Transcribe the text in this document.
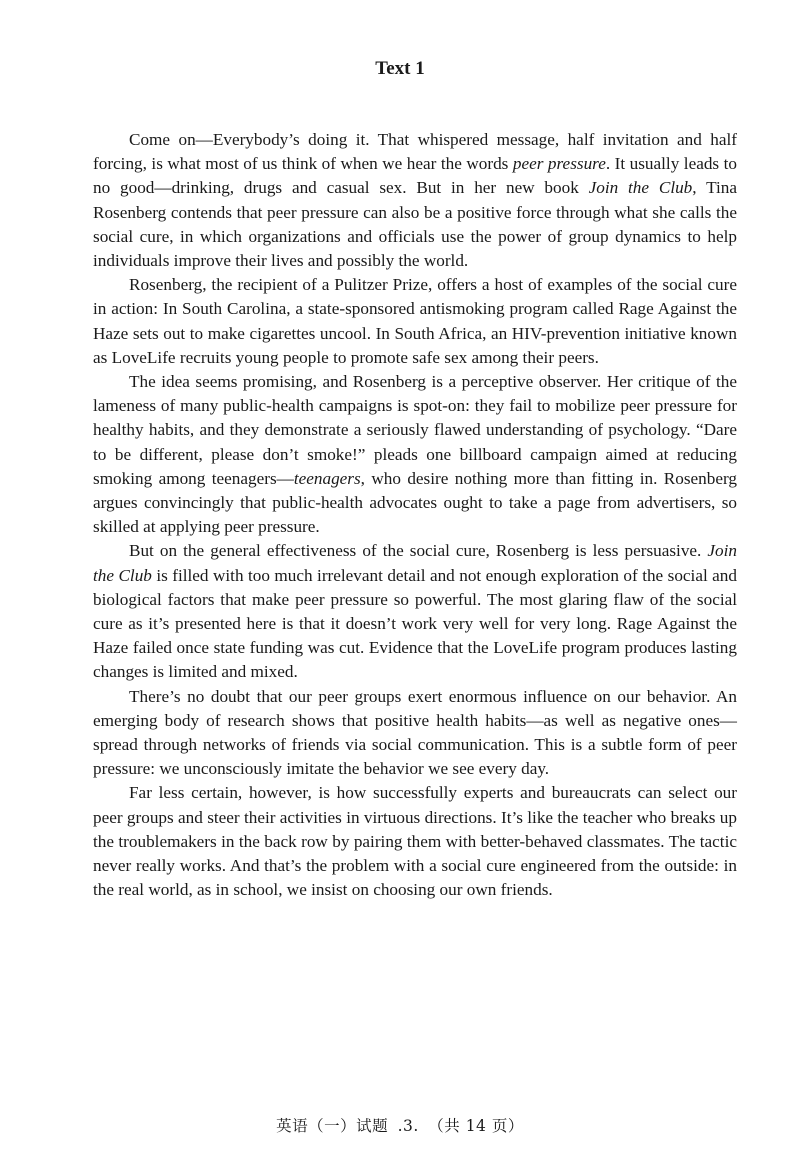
Text 1

Come on—Everybody’s doing it. That whispered message, half invitation and half forcing, is what most of us think of when we hear the words peer pressure. It usually leads to no good—drinking, drugs and casual sex. But in her new book Join the Club, Tina Rosenberg contends that peer pressure can also be a positive force through what she calls the social cure, in which organizations and officials use the power of group dynamics to help individuals improve their lives and possibly the world.

Rosenberg, the recipient of a Pulitzer Prize, offers a host of examples of the social cure in action: In South Carolina, a state-sponsored antismoking program called Rage Against the Haze sets out to make cigarettes uncool. In South Africa, an HIV-prevention initiative known as LoveLife recruits young people to promote safe sex among their peers.

The idea seems promising, and Rosenberg is a perceptive observer. Her critique of the lameness of many public-health campaigns is spot-on: they fail to mobilize peer pressure for healthy habits, and they demonstrate a seriously flawed understanding of psychology. “Dare to be different, please don’t smoke!” pleads one billboard campaign aimed at reducing smoking among teenagers—teenagers, who desire nothing more than fitting in. Rosenberg argues convincingly that public-health advocates ought to take a page from advertisers, so skilled at applying peer pressure.

But on the general effectiveness of the social cure, Rosenberg is less persuasive. Join the Club is filled with too much irrelevant detail and not enough exploration of the social and biological factors that make peer pressure so powerful. The most glaring flaw of the social cure as it’s presented here is that it doesn’t work very well for very long. Rage Against the Haze failed once state funding was cut. Evidence that the LoveLife program produces lasting changes is limited and mixed.

There’s no doubt that our peer groups exert enormous influence on our behavior. An emerging body of research shows that positive health habits—as well as negative ones—spread through networks of friends via social communication. This is a subtle form of peer pressure: we unconsciously imitate the behavior we see every day.

Far less certain, however, is how successfully experts and bureaucrats can select our peer groups and steer their activities in virtuous directions. It’s like the teacher who breaks up the troublemakers in the back row by pairing them with better-behaved classmates. The tactic never really works. And that’s the problem with a social cure engineered from the outside: in the real world, as in school, we insist on choosing our own friends.

英语（一）试题 .3. （共 14 页）
